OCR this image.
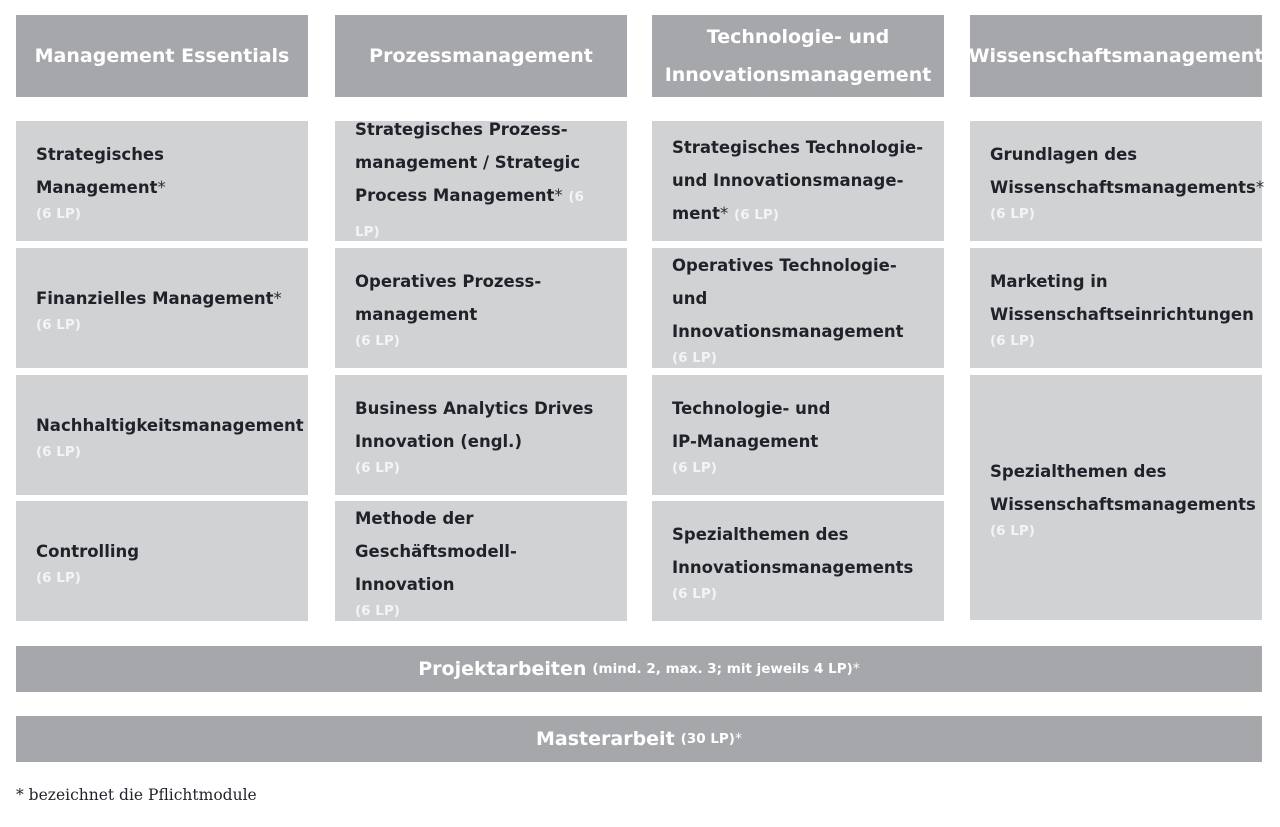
Management Essentials	Prozessmanagement
Technologie- und
Innovationsmanagement
Wissenschaftsmanagement
Strategisches Management*
(6 LP)
Finanzielles Management*
(6 LP)
Nachhaltigkeitsmanagement
(6 LP)
Controlling
(6 LP)
Strategisches Prozess-
management / Strategic
Process Management* (6 LP)
Operatives Prozess-
management
(6 LP)
Business Analytics Drives
Innovation (engl.)
(6 LP)
Methode der
Geschäftsmodell-Innovation
(6 LP)
Strategisches Technologie-
und Innovationsmanage-
ment* (6 LP)
Operatives Technologie- und
Innovationsmanagement
(6 LP)
Technologie- und
IP-Management
(6 LP)
Spezialthemen des
Innovationsmanagements
(6 LP)
Grundlagen des
Wissenschaftsmanagements*
(6 LP)
Marketing in
Wissenschaftseinrichtungen
(6 LP)
Spezialthemen des
Wissenschaftsmanagements
(6 LP)
Projektarbeiten (mind. 2, max. 3; mit jeweils 4 LP) *
Masterarbeit (30 LP) *
* bezeichnet die Pflichtmodule
